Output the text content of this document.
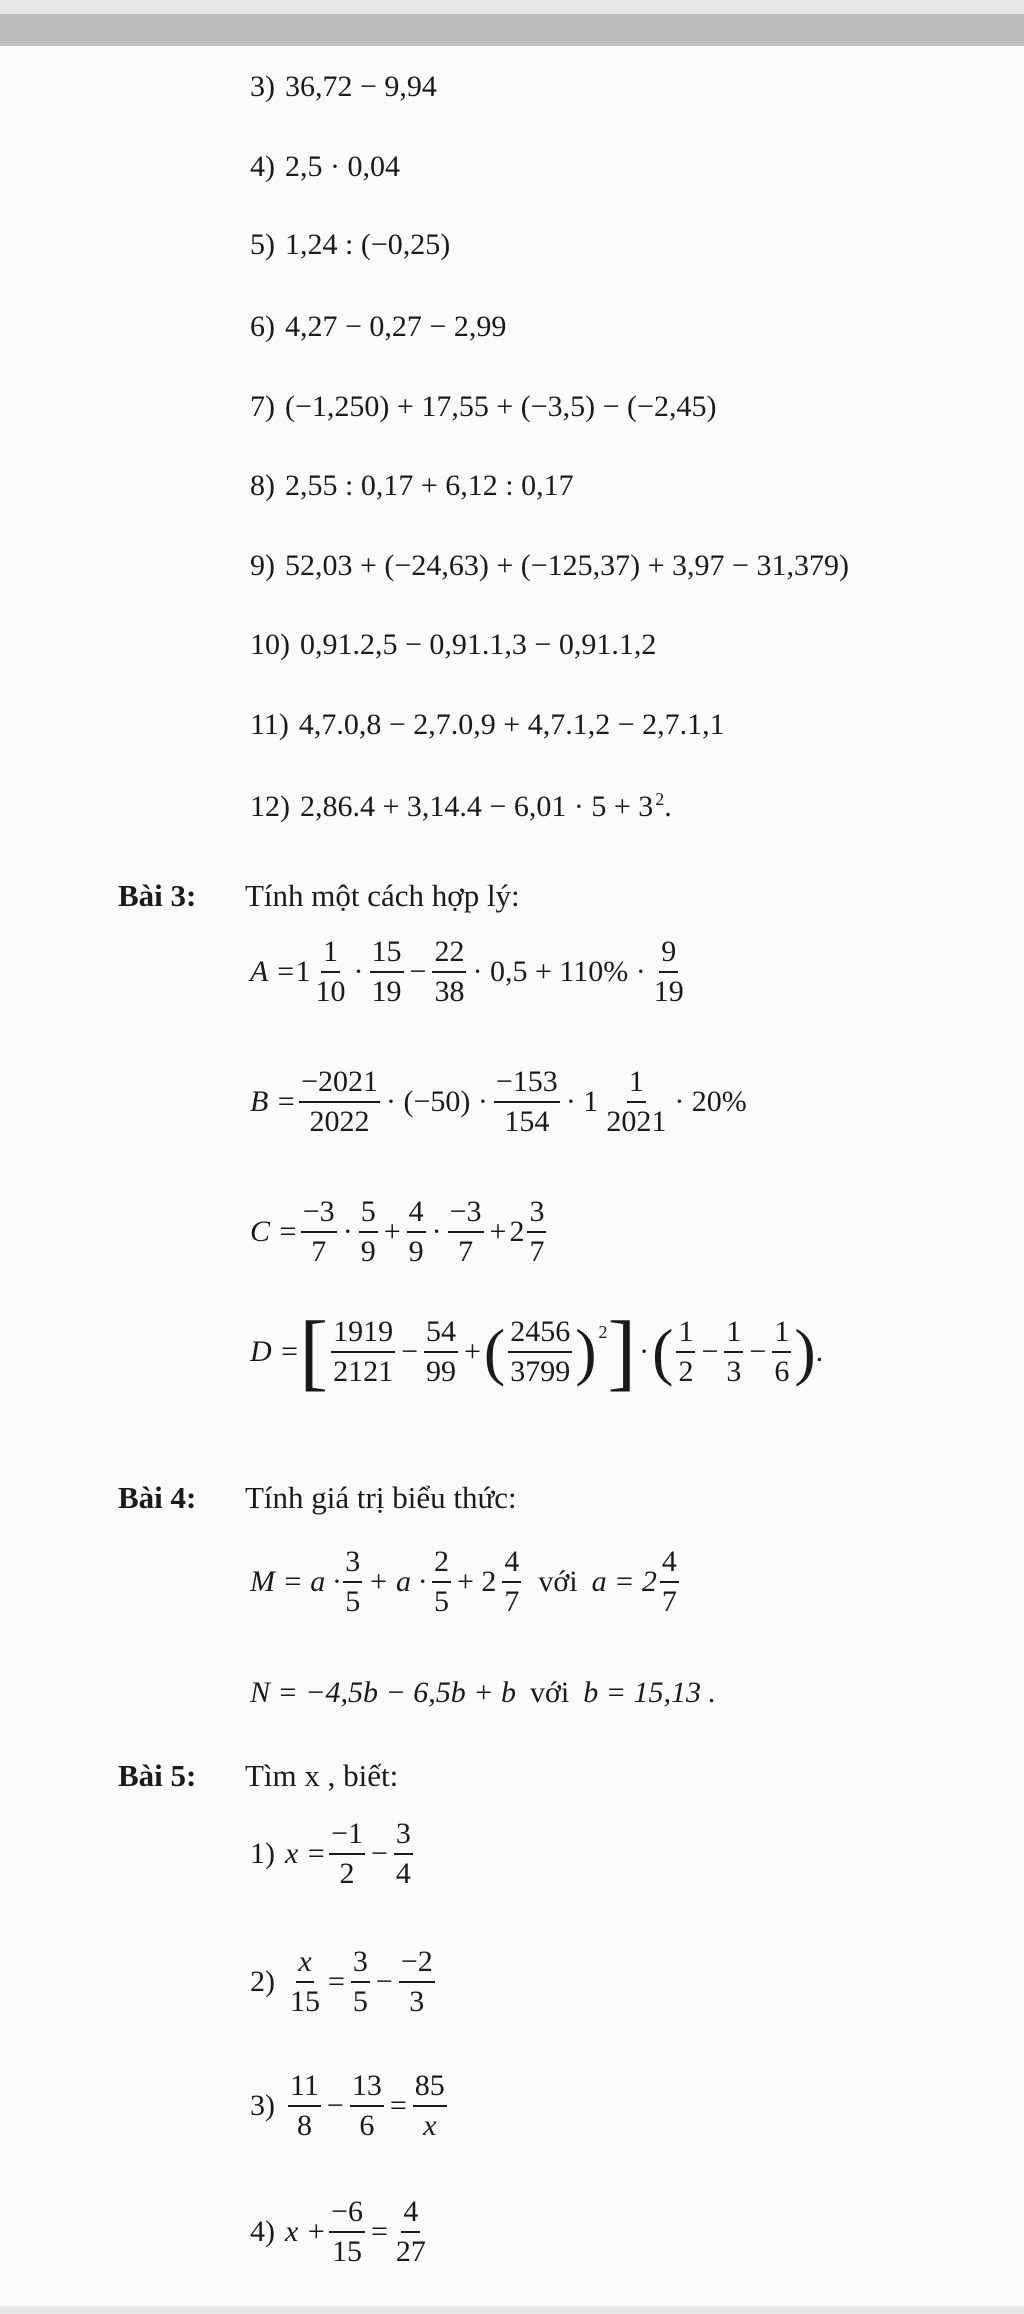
3) 36,72 − 9,94
4) 2,5 · 0,04
5) 1,24 : (−0,25)
6) 4,27 − 0,27 − 2,99
7) (−1,250) + 17,55 + (−3,5) − (−2,45)
8) 2,55 : 0,17 + 6,12 : 0,17
9) 52,03 + (−24,63) + (−125,37) + 3,97 − 31,379)
10) 0,91.2,5 − 0,91.1,3 − 0,91.1,2
11) 4,7.0,8 − 2,7.0,9 + 4,7.1,2 − 2,7.1,1
12) 2,86.4 + 3,14.4 − 6,01 · 5 + 3 $^2$.
Bài 3: Tính một cách hợp lý:
$A = 1 \frac{1}{10} \cdot \frac{15}{19} - \frac{22}{38} \cdot 0,5 + 110\% \cdot \frac{9}{19}$
$B = \frac{-2021}{2022} \cdot (-50) \cdot \frac{-153}{154} \cdot 1 \frac{1}{2021} \cdot 20\%$
$C = \frac{-3}{7} \cdot \frac{5}{9} + \frac{4}{9} \cdot \frac{-3}{7} + 2 \frac{3}{7}$
D = [ $\frac{1919}{2121} - \frac{54}{99}$ + ( $\frac{2456}{3799}$ ) 2 ] · ( $\frac{1}{2} - \frac{1}{3} - \frac{1}{6}$ ) .
Bài 4: Tính giá trị biểu thức:
$M = a \cdot \frac{3}{5} + a \cdot \frac{2}{5} + 2 \frac{4}{7}$ với $a = 2 \frac{4}{7}$
N = −4,5b − 6,5b + b với b = 15,13 .
Bài 5: Tìm x , biết:
1) $x = \frac{-1}{2} - \frac{3}{4}$
$2) \frac{x}{15} = \frac{3}{5} - \frac{-2}{3}$
$3) \frac{11}{8} - \frac{13}{6} = \frac{85}{x}$
4) $x + \frac{-6}{15} = \frac{4}{27}$
